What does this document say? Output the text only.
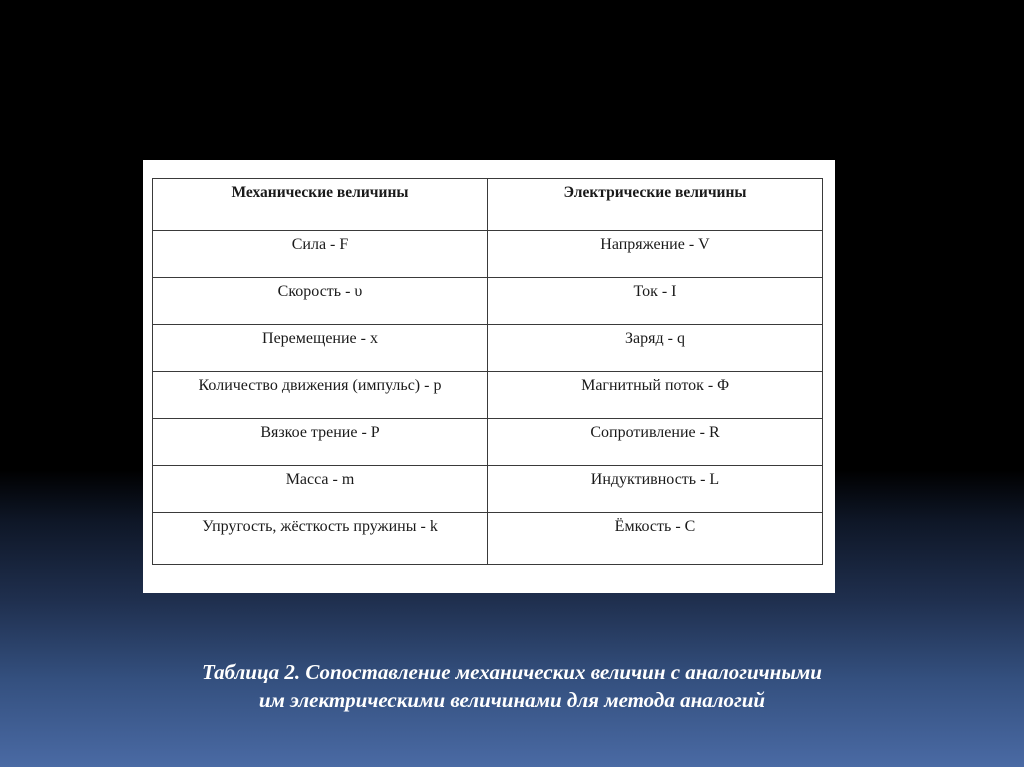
Механические величины	Электрические величины
Сила - F	Напряжение - V
Скорость - υ	Ток - I
Перемещение - x	Заряд - q
Количество движения (импульс) - p	Магнитный поток - Φ
Вязкое трение - P	Сопротивление - R
Масса - m	Индуктивность - L
Упругость, жёсткость пружины - k	Ёмкость - C
Таблица 2. Сопоставление механических величин с аналогичными
им электрическими величинами для метода аналогий
